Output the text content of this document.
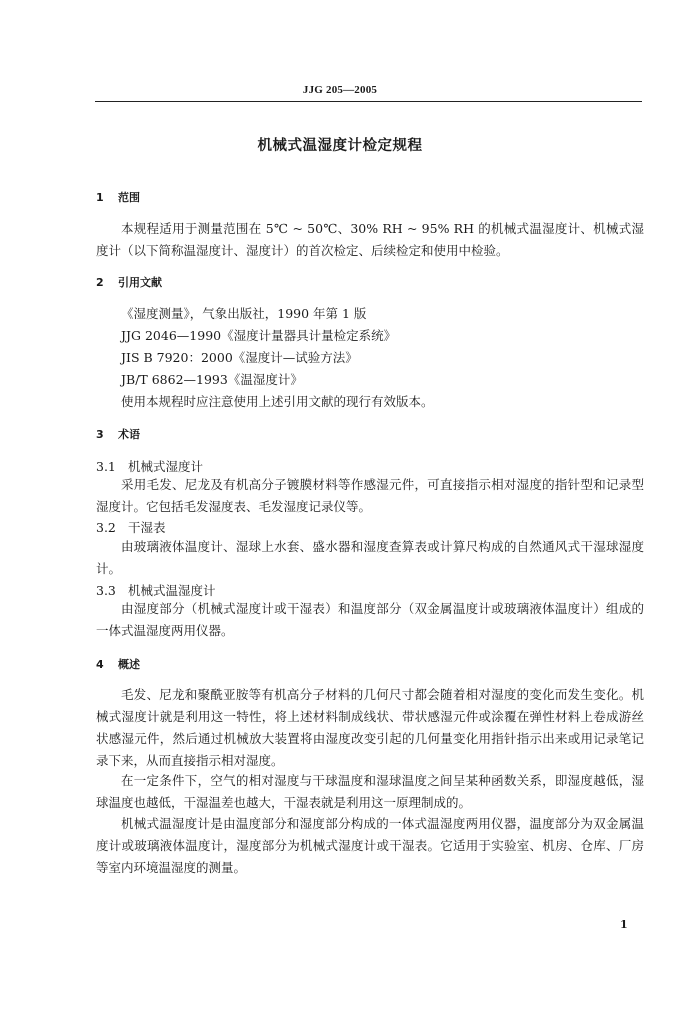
JJG 205—2005
机械式温湿度计检定规程
1 范围

本规程适用于测量范围在 5℃ ~ 50℃、30% RH ~ 95% RH 的机械式温湿度计、机械式湿度计（以下简称温湿度计、湿度计）的首次检定、后续检定和使用中检验。

2 引用文献
《湿度测量》，气象出版社，1990 年第 1 版
JJG 2046—1990《湿度计量器具计量检定系统》
JIS B 7920：2000《湿度计—试验方法》
JB/T 6862—1993《温湿度计》
使用本规程时应注意使用上述引用文献的现行有效版本。
3 术语
3.1 机械式湿度计

采用毛发、尼龙及有机高分子镀膜材料等作感湿元件，可直接指示相对湿度的指针型和记录型湿度计。它包括毛发湿度表、毛发湿度记录仪等。

3.2 干湿表

由玻璃液体温度计、湿球上水套、盛水器和湿度查算表或计算尺构成的自然通风式干湿球湿度计。

3.3 机械式温湿度计

由湿度部分（机械式湿度计或干湿表）和温度部分（双金属温度计或玻璃液体温度计）组成的一体式温湿度两用仪器。

4 概述

毛发、尼龙和聚酰亚胺等有机高分子材料的几何尺寸都会随着相对湿度的变化而发生变化。机械式湿度计就是利用这一特性，将上述材料制成线状、带状感湿元件或涂覆在弹性材料上卷成游丝状感湿元件，然后通过机械放大装置将由湿度改变引起的几何量变化用指针指示出来或用记录笔记录下来，从而直接指示相对湿度。

在一定条件下，空气的相对湿度与干球温度和湿球温度之间呈某种函数关系，即湿度越低，湿球温度也越低，干湿温差也越大，干湿表就是利用这一原理制成的。

机械式温湿度计是由温度部分和湿度部分构成的一体式温湿度两用仪器，温度部分为双金属温度计或玻璃液体温度计，湿度部分为机械式湿度计或干湿表。它适用于实验室、机房、仓库、厂房等室内环境温湿度的测量。

1
